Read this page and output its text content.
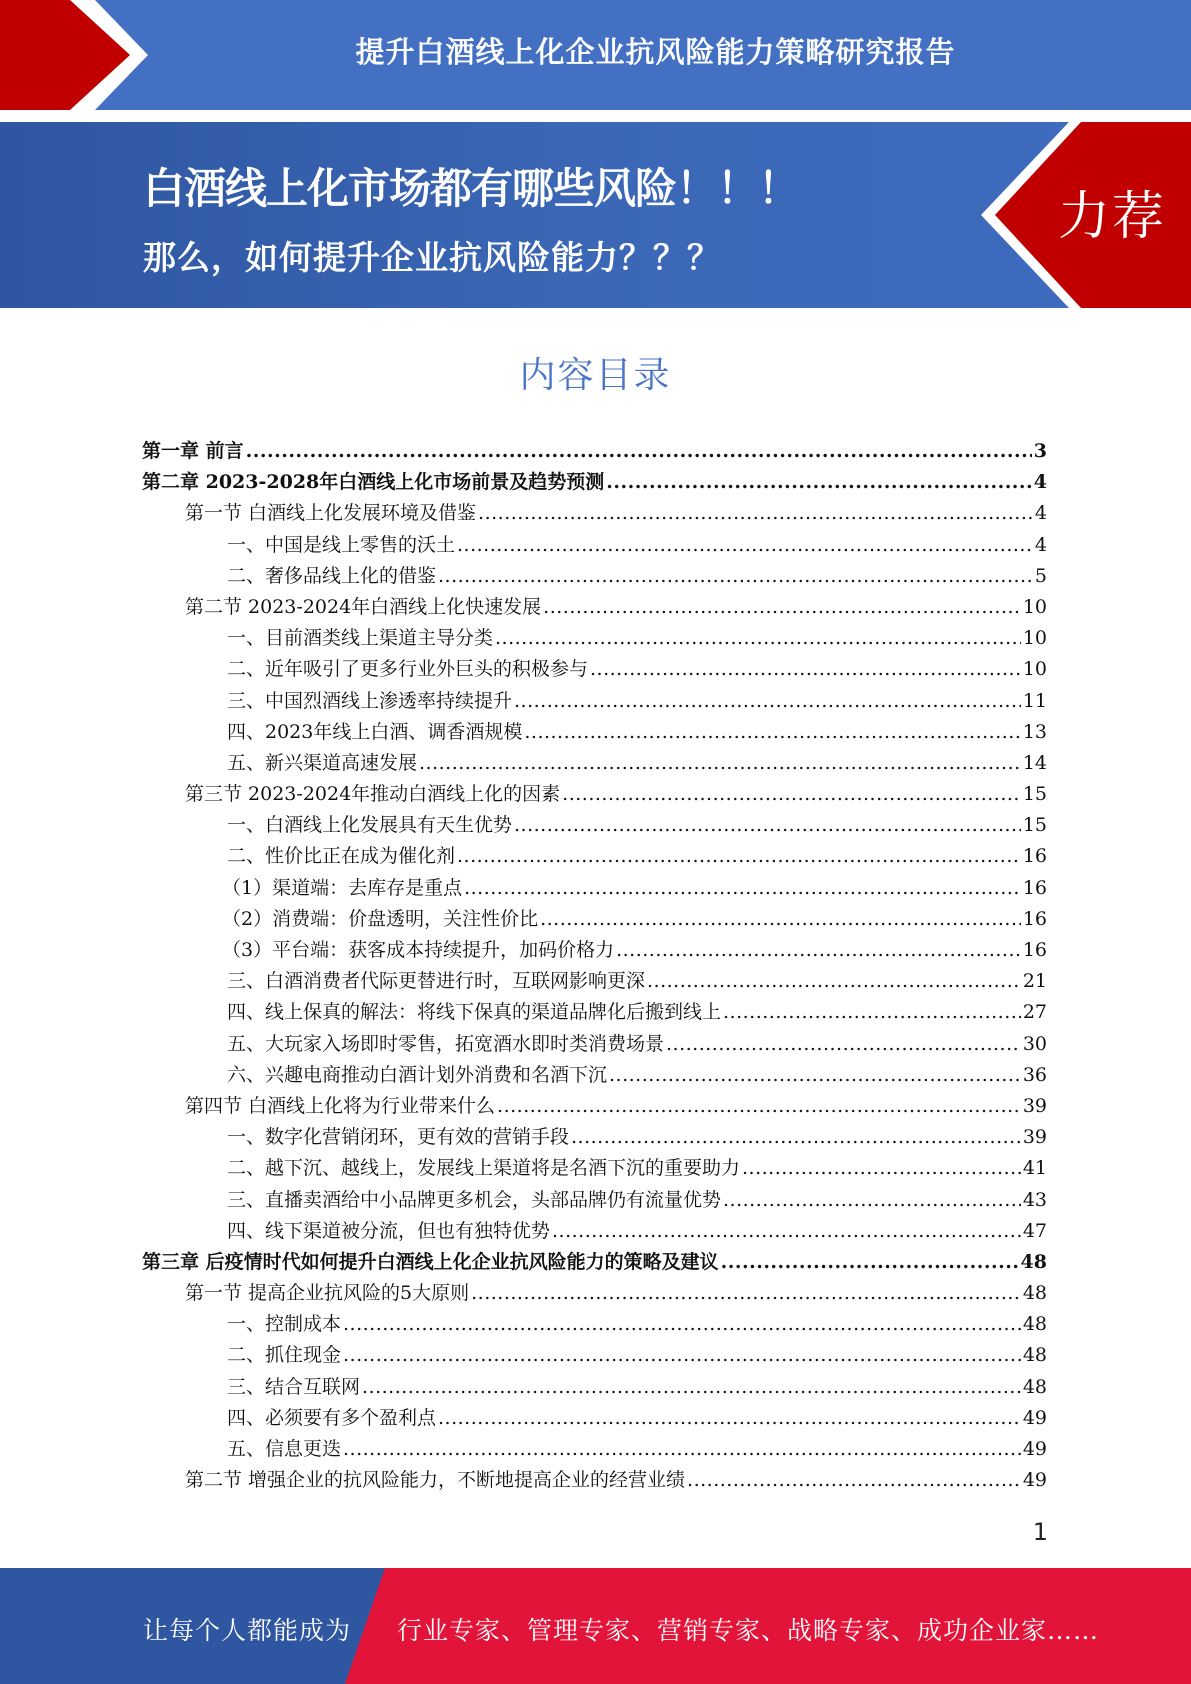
提升白酒线上化企业抗风险能力策略研究报告
白酒线上化市场都有哪些风险！！！
那么，如何提升企业抗风险能力？？？
力荐
内容目录
第一章 前言 .....	3
第二章 2023-2028年白酒线上化市场前景及趋势预测 .....	4
第一节 白酒线上化发展环境及借鉴 .....	4
一、中国是线上零售的沃土 .....	4
二、奢侈品线上化的借鉴 .....	5
第二节 2023-2024年白酒线上化快速发展 .....	10
一、目前酒类线上渠道主导分类 .....	10
二、近年吸引了更多行业外巨头的积极参与 .....	10
三、中国烈酒线上渗透率持续提升 .....	11
四、2023年线上白酒、调香酒规模 .....	13
五、新兴渠道高速发展 .....	14
第三节 2023-2024年推动白酒线上化的因素 .....	15
一、白酒线上化发展具有天生优势 .....	15
二、性价比正在成为催化剂 .....	16
（1）渠道端：去库存是重点 .....	16
（2）消费端：价盘透明，关注性价比 .....	16
（3）平台端：获客成本持续提升，加码价格力 .....	16
三、白酒消费者代际更替进行时，互联网影响更深 .....	21
四、线上保真的解法：将线下保真的渠道品牌化后搬到线上 .....	27
五、大玩家入场即时零售，拓宽酒水即时类消费场景 .....	30
六、兴趣电商推动白酒计划外消费和名酒下沉 .....	36
第四节 白酒线上化将为行业带来什么 .....	39
一、数字化营销闭环，更有效的营销手段 .....	39
二、越下沉、越线上，发展线上渠道将是名酒下沉的重要助力 .....	41
三、直播卖酒给中小品牌更多机会，头部品牌仍有流量优势 .....	43
四、线下渠道被分流，但也有独特优势 .....	47
第三章 后疫情时代如何提升白酒线上化企业抗风险能力的策略及建议 .....	48
第一节 提高企业抗风险的5大原则 .....	48
一、控制成本 .....	48
二、抓住现金 .....	48
三、结合互联网 .....	48
四、必须要有多个盈利点 .....	49
五、信息更迭 .....	49
第二节 增强企业的抗风险能力，不断地提高企业的经营业绩 .....	49
1
让每个人都能成为 行业专家、管理专家、营销专家、战略专家、成功企业家……
